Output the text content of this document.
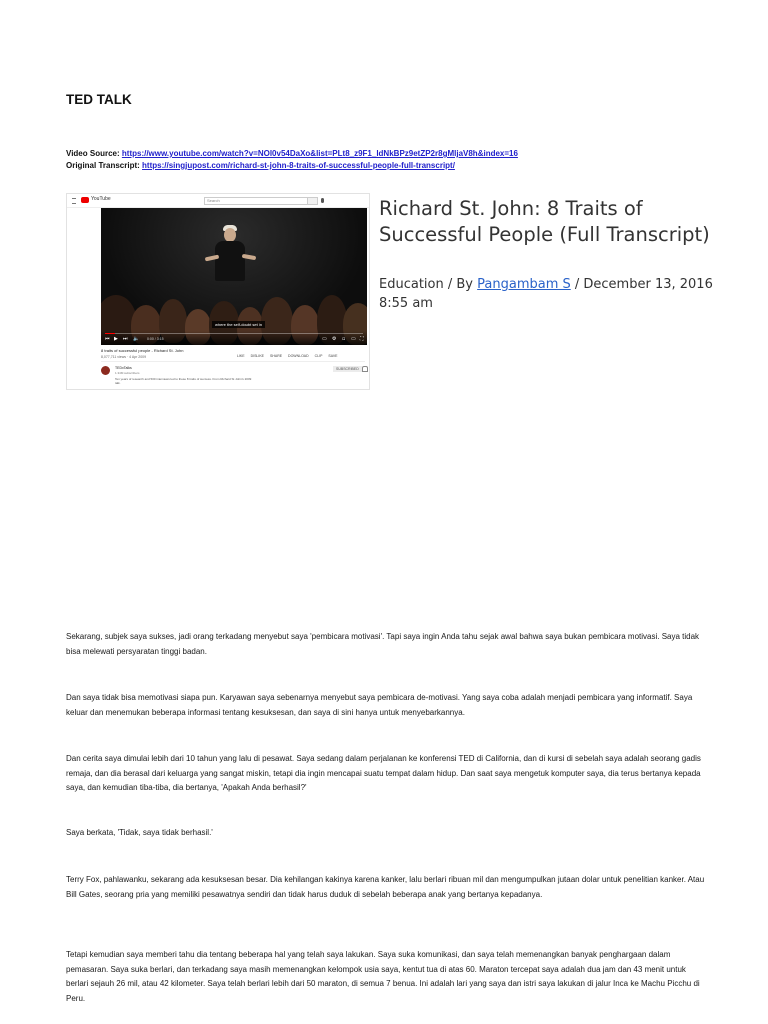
TED TALK
Video Source: https://www.youtube.com/watch?v=NOl0v54DaXo&list=PLt8_z9F1_ldNkBPz9etZP2r8gMljaV8h&index=16
Original Transcript: https://singjupost.com/richard-st-john-8-traits-of-successful-people-full-transcript/
YouTube	Search
where the self-doubt set in
⏮ ▶ ⏭ 🔈 0:00 / 3:15	▭ ⚙ ▫	▭ ⛶
8 traits of successful people - Richard St. John
8,077,711 views · 4 Apr 2009	LIKE DISLIKE SHARE DOWNLOAD CLIP SAVE
TEDxTalks
1.34M subscribers
Ten years of research and 500 interviews led to these 8 traits of success. From Richard St John's 2009 talk.
SUBSCRIBED
Richard St. John: 8 Traits of Successful People (Full Transcript)
Education / By Pangambam S / December 13, 2016 8:55 am
Sekarang, subjek saya sukses, jadi orang terkadang menyebut saya 'pembicara motivasi'. Tapi saya ingin Anda tahu sejak awal bahwa saya bukan pembicara motivasi. Saya tidak bisa melewati persyaratan tinggi badan.
Dan saya tidak bisa memotivasi siapa pun. Karyawan saya sebenarnya menyebut saya pembicara de-motivasi. Yang saya coba adalah menjadi pembicara yang informatif. Saya keluar dan menemukan beberapa informasi tentang kesuksesan, dan saya di sini hanya untuk menyebarkannya.
Dan cerita saya dimulai lebih dari 10 tahun yang lalu di pesawat. Saya sedang dalam perjalanan ke konferensi TED di California, dan di kursi di sebelah saya adalah seorang gadis remaja, dan dia berasal dari keluarga yang sangat miskin, tetapi dia ingin mencapai suatu tempat dalam hidup. Dan saat saya mengetuk komputer saya, dia terus bertanya kepada saya, dan kemudian tiba-tiba, dia bertanya, 'Apakah Anda berhasil?'
Saya berkata, 'Tidak, saya tidak berhasil.'
Terry Fox, pahlawanku, sekarang ada kesuksesan besar. Dia kehilangan kakinya karena kanker, lalu berlari ribuan mil dan mengumpulkan jutaan dolar untuk penelitian kanker. Atau Bill Gates, seorang pria yang memiliki pesawatnya sendiri dan tidak harus duduk di sebelah beberapa anak yang bertanya kepadanya.
Tetapi kemudian saya memberi tahu dia tentang beberapa hal yang telah saya lakukan. Saya suka komunikasi, dan saya telah memenangkan banyak penghargaan dalam pemasaran. Saya suka berlari, dan terkadang saya masih memenangkan kelompok usia saya, kentut tua di atas 60. Maraton tercepat saya adalah dua jam dan 43 menit untuk berlari sejauh 26 mil, atau 42 kilometer. Saya telah berlari lebih dari 50 maraton, di semua 7 benua. Ini adalah lari yang saya dan istri saya lakukan di jalur Inca ke Machu Picchu di Peru.
